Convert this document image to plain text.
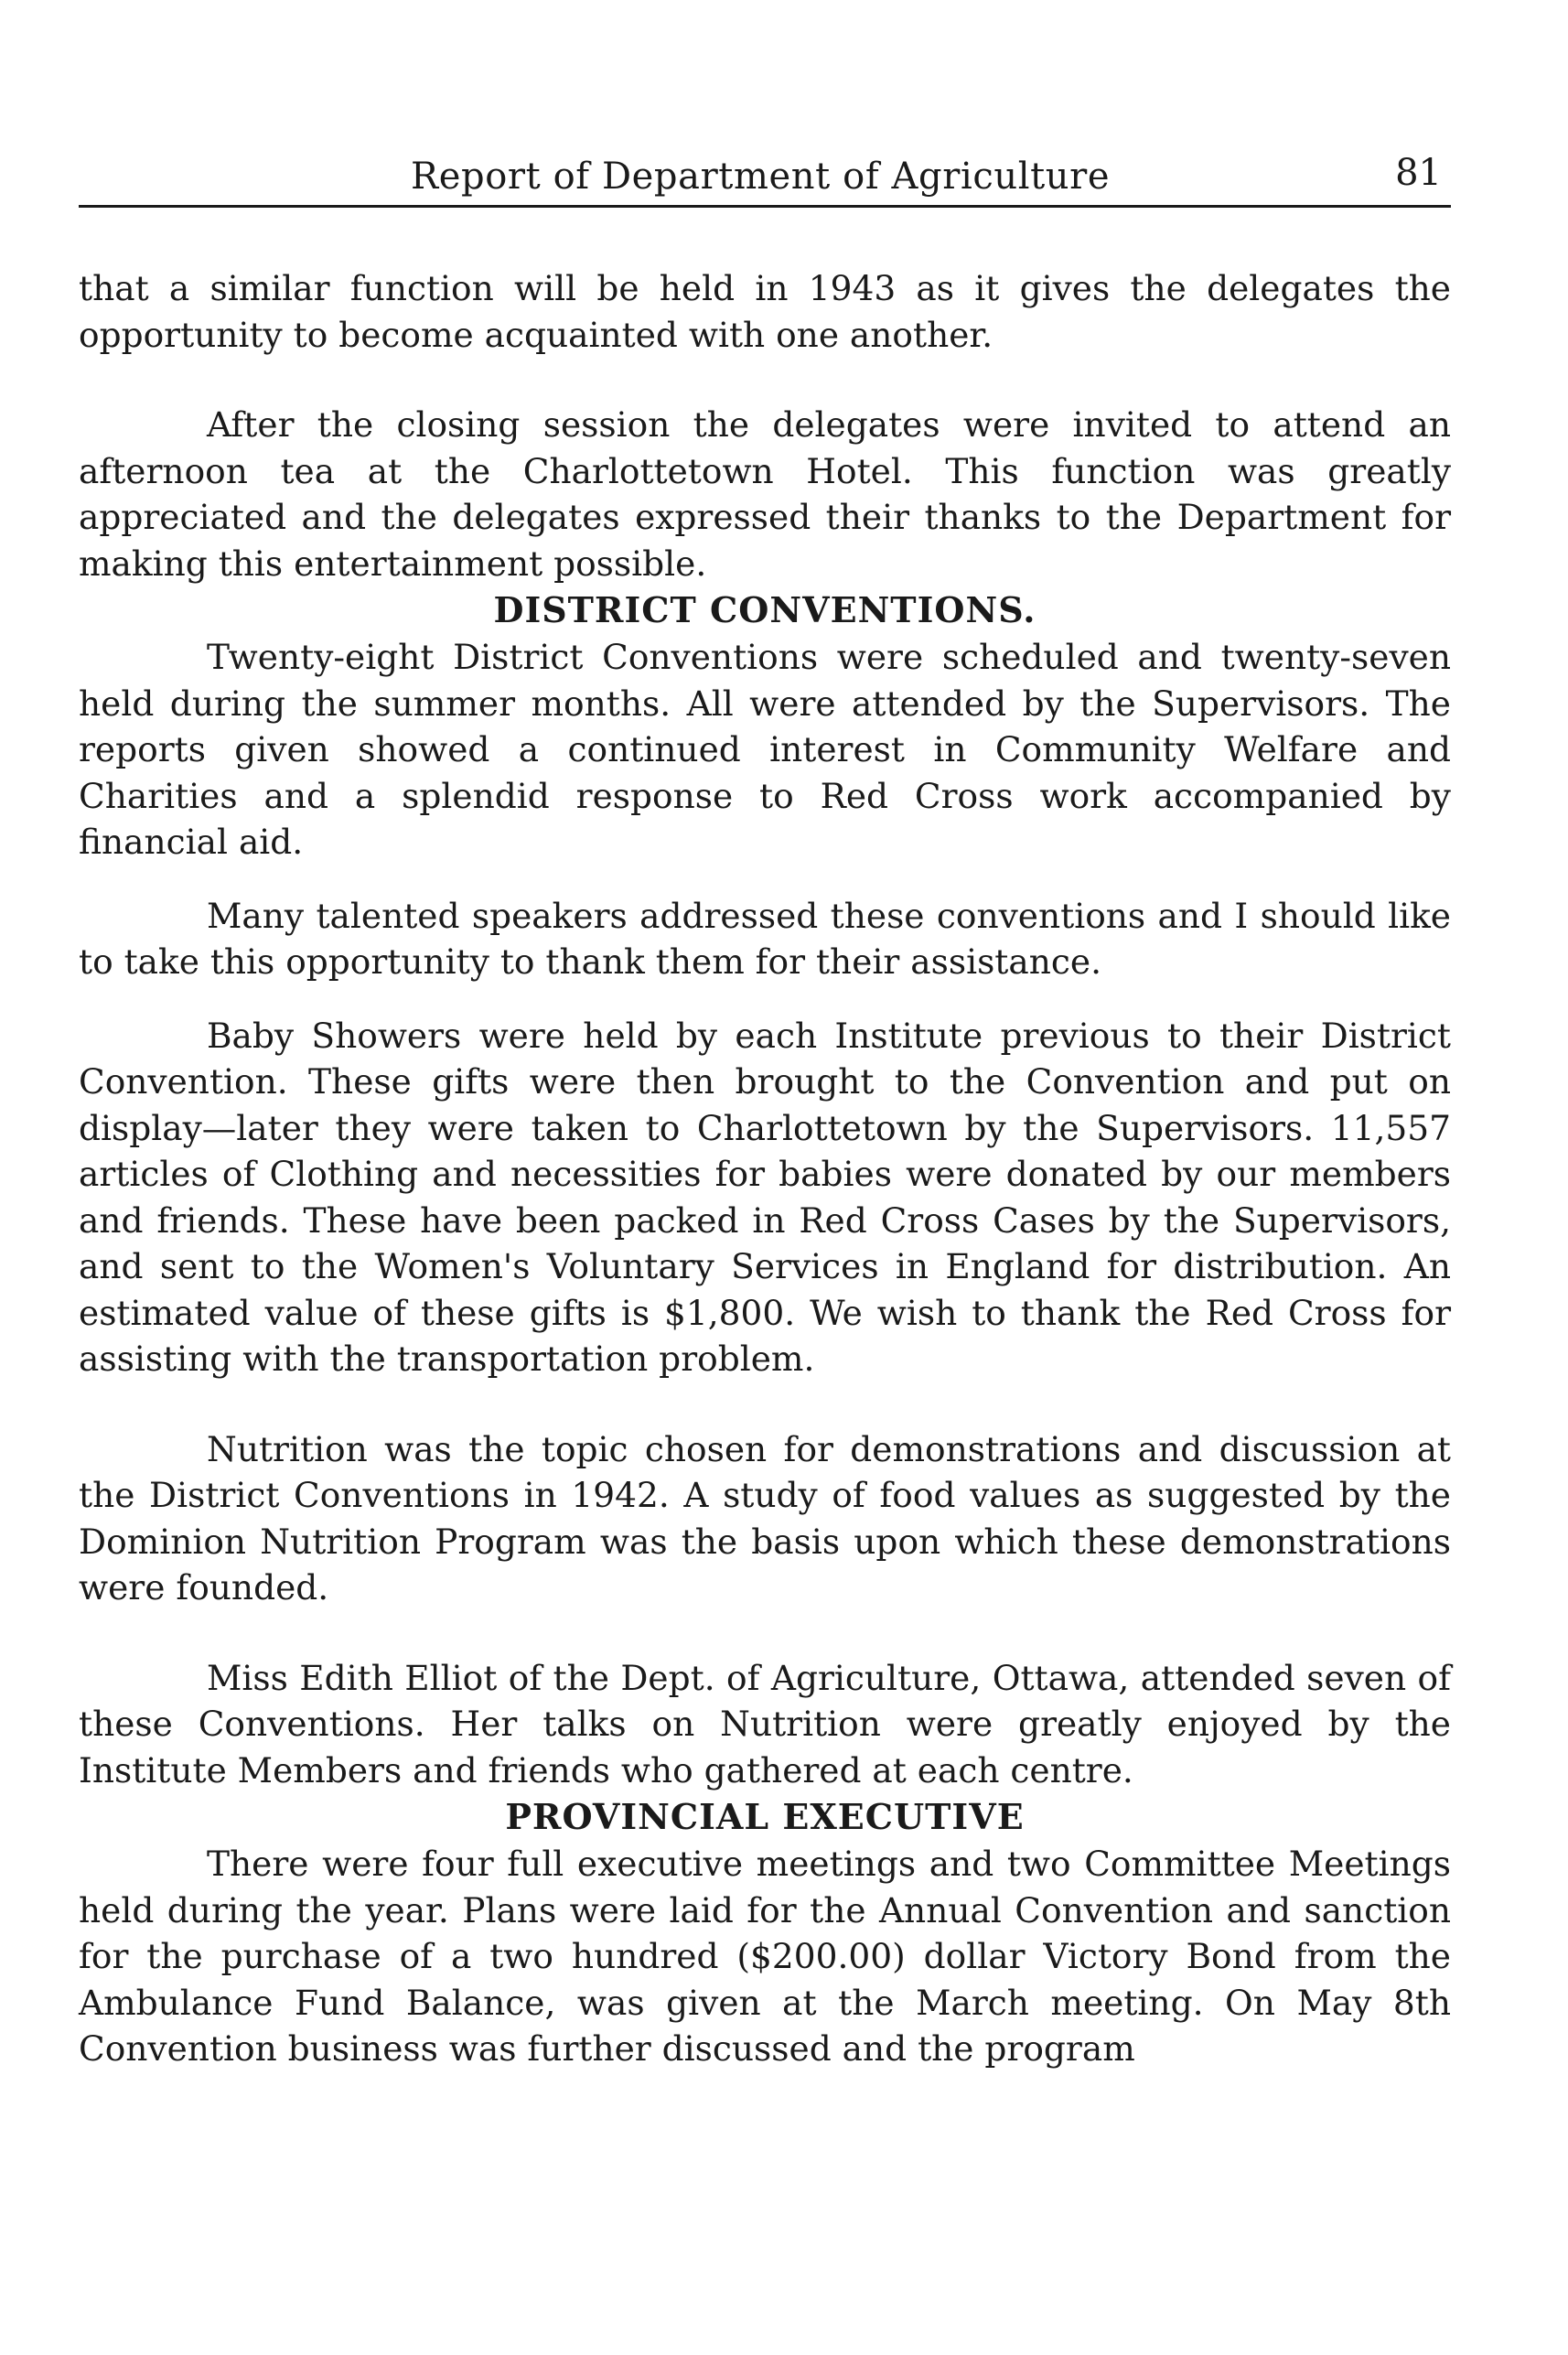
Report of Department of Agriculture	81

that a similar function will be held in 1943 as it gives the delegates the opportunity to become acquainted with one another.

After the closing session the delegates were invited to attend an afternoon tea at the Charlottetown Hotel. This function was greatly appreciated and the delegates expressed their thanks to the Department for making this entertainment possible.

DISTRICT CONVENTIONS.

Twenty-eight District Conventions were scheduled and twenty-seven held during the summer months. All were attended by the Supervisors. The reports given showed a continued interest in Community Welfare and Charities and a splendid response to Red Cross work accompanied by financial aid.

Many talented speakers addressed these conventions and I should like to take this opportunity to thank them for their assistance.

Baby Showers were held by each Institute previous to their District Convention. These gifts were then brought to the Convention and put on display—later they were taken to Charlottetown by the Supervisors. 11,557 articles of Clothing and necessities for babies were donated by our members and friends. These have been packed in Red Cross Cases by the Supervisors, and sent to the Women's Voluntary Services in England for distribution. An estimated value of these gifts is $1,800. We wish to thank the Red Cross for assisting with the transportation problem.

Nutrition was the topic chosen for demonstrations and discussion at the District Conventions in 1942. A study of food values as suggested by the Dominion Nutrition Program was the basis upon which these demonstrations were founded.

Miss Edith Elliot of the Dept. of Agriculture, Ottawa, attended seven of these Conventions. Her talks on Nutrition were greatly enjoyed by the Institute Members and friends who gathered at each centre.

PROVINCIAL EXECUTIVE

There were four full executive meetings and two Committee Meetings held during the year. Plans were laid for the Annual Convention and sanction for the purchase of a two hundred ($200.00) dollar Victory Bond from the Ambulance Fund Balance, was given at the March meeting. On May 8th Convention business was further discussed and the program
